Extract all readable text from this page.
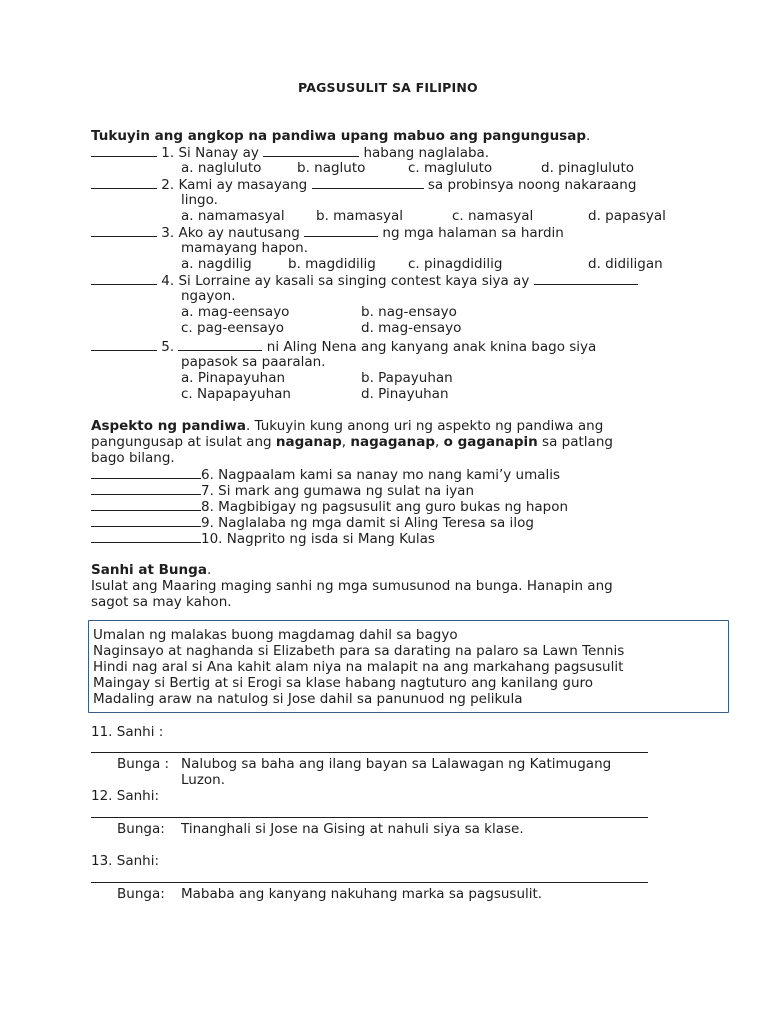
PAGSUSULIT SA FILIPINO
Tukuyin ang angkop na pandiwa upang mabuo ang pangungusap.
1. Si Nanay ay	habang naglalaba.
a. nagluluto	b. nagluto	c. magluluto	d. pinagluluto
2. Kami ay masayang	sa probinsya noong nakaraang
lingo.
a. namamasyal b. mamasyal	c. namasyal	d. papasyal
3. Ako ay nautusang	ng mga halaman sa hardin
mamayang hapon.
a. nagdilig	b. magdidilig c. pinagdidilig	d. didiligan
4. Si Lorraine ay kasali sa singing contest kaya siya ay
ngayon.
a. mag-eensayo	b. nag-ensayo
c. pag-eensayo	d. mag-ensayo
5.	ni Aling Nena ang kanyang anak knina bago siya
papasok sa paaralan.
a. Pinapayuhan	b. Papayuhan
c. Napapayuhan	d. Pinayuhan
Aspekto ng pandiwa. Tukuyin kung anong uri ng aspekto ng pandiwa ang
pangungusap at isulat ang naganap, nagaganap, o gaganapin sa patlang
bago bilang.
6. Nagpaalam kami sa nanay mo nang kami’y umalis
7. Si mark ang gumawa ng sulat na iyan
8. Magbibigay ng pagsusulit ang guro bukas ng hapon
9. Naglalaba ng mga damit si Aling Teresa sa ilog
10. Nagprito ng isda si Mang Kulas
Sanhi at Bunga.
Isulat ang Maaring maging sanhi ng mga sumusunod na bunga. Hanapin ang
sagot sa may kahon.
Umalan ng malakas buong magdamag dahil sa bagyo
Naginsayo at naghanda si Elizabeth para sa darating na palaro sa Lawn Tennis
Hindi nag aral si Ana kahit alam niya na malapit na ang markahang pagsusulit
Maingay si Bertig at si Erogi sa klase habang nagtuturo ang kanilang guro
Madaling araw na natulog si Jose dahil sa panunuod ng pelikula
11. Sanhi :
Bunga : Nalubog sa baha ang ilang bayan sa Lalawagan ng Katimugang
Luzon.
12. Sanhi:
Bunga: Tinanghali si Jose na Gising at nahuli siya sa klase.
13. Sanhi:
Bunga: Mababa ang kanyang nakuhang marka sa pagsusulit.
